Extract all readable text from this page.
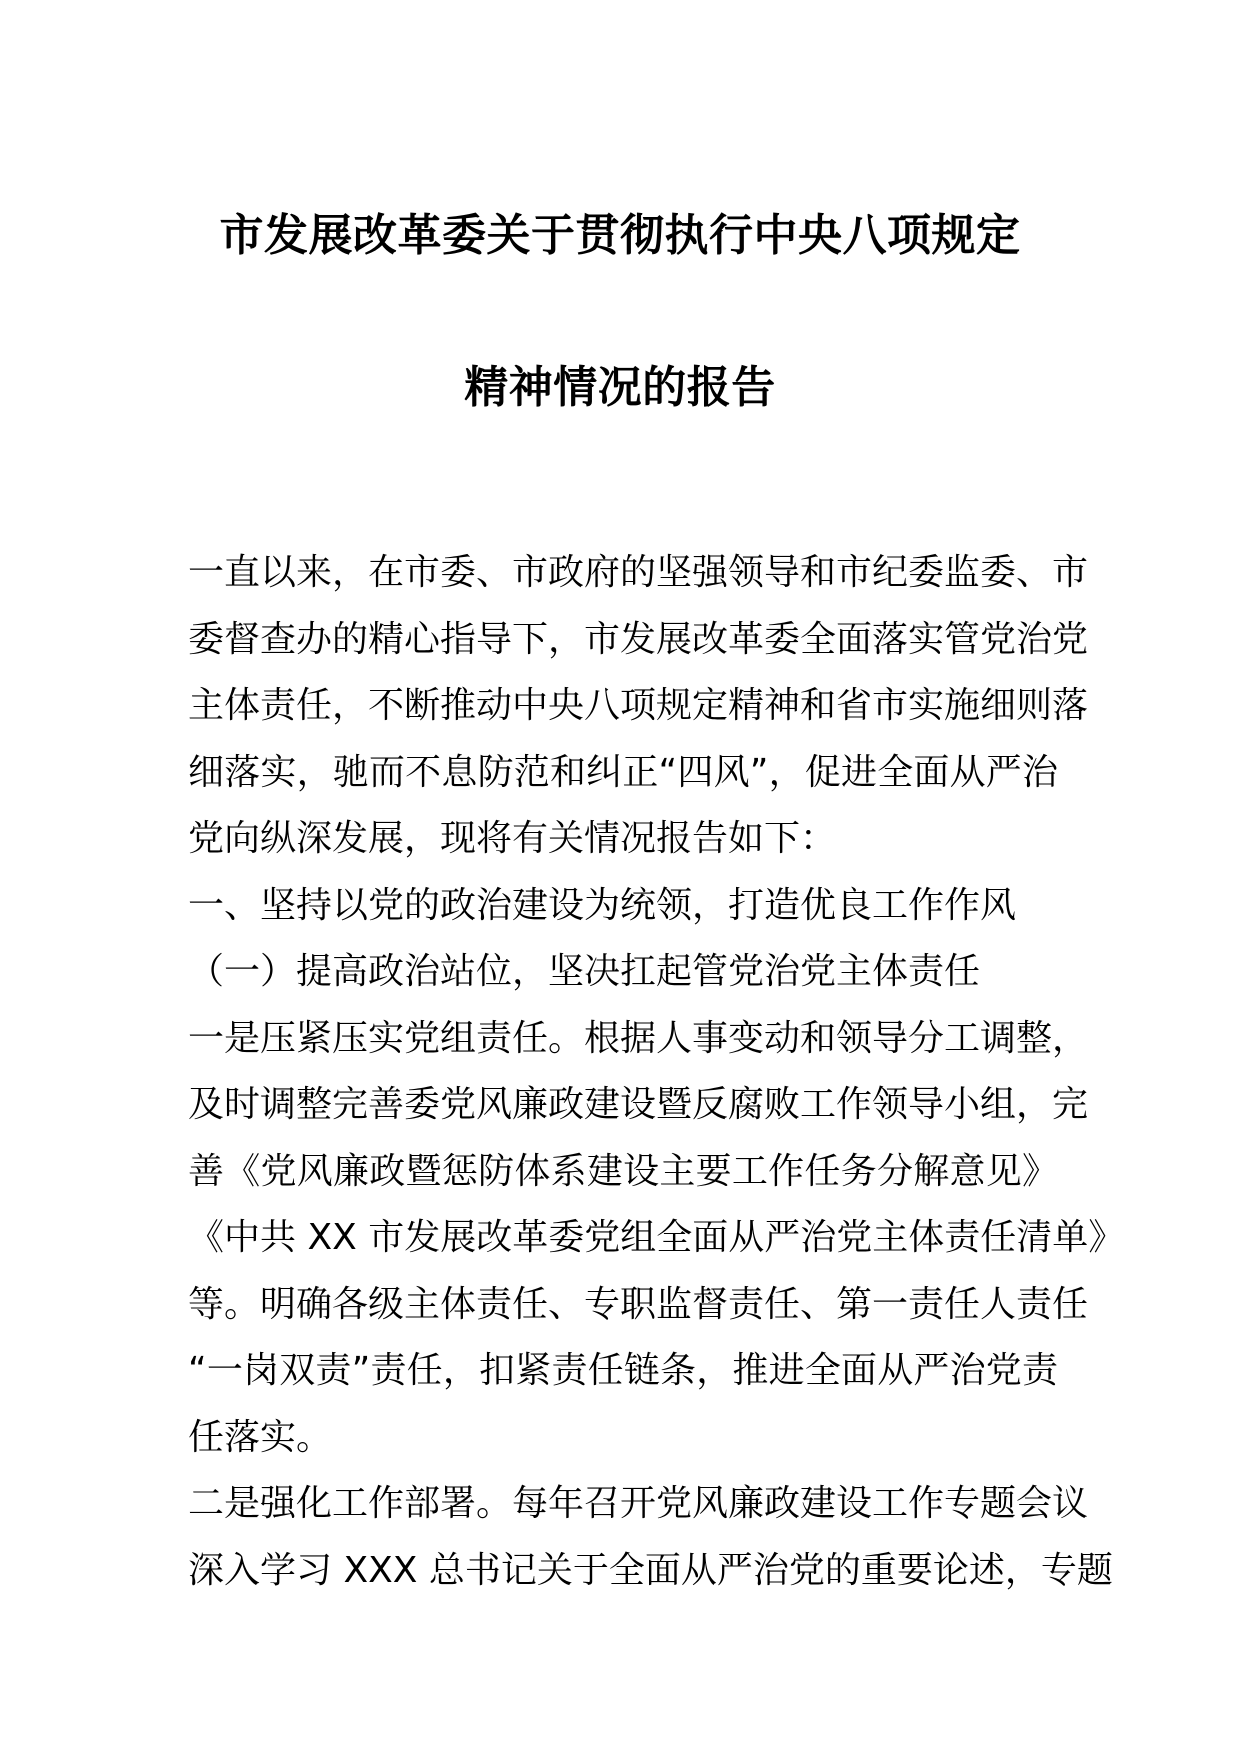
市发展改革委关于贯彻执行中央八项规定
精神情况的报告
一直以来，在市委、市政府的坚强领导和市纪委监委、市
委督查办的精心指导下，市发展改革委全面落实管党治党
主体责任，不断推动中央八项规定精神和省市实施细则落
细落实，驰而不息防范和纠正“四风”，促进全面从严治
党向纵深发展，现将有关情况报告如下：
一、坚持以党的政治建设为统领，打造优良工作作风
（一）提高政治站位，坚决扛起管党治党主体责任
一是压紧压实党组责任。根据人事变动和领导分工调整，
及时调整完善委党风廉政建设暨反腐败工作领导小组，完
善《党风廉政暨惩防体系建设主要工作任务分解意见》
《中共 XX 市发展改革委党组全面从严治党主体责任清单》
等。明确各级主体责任、专职监督责任、第一责任人责任
“一岗双责”责任，扣紧责任链条，推进全面从严治党责
任落实。
二是强化工作部署。每年召开党风廉政建设工作专题会议
深入学习 XXX 总书记关于全面从严治党的重要论述，专题
